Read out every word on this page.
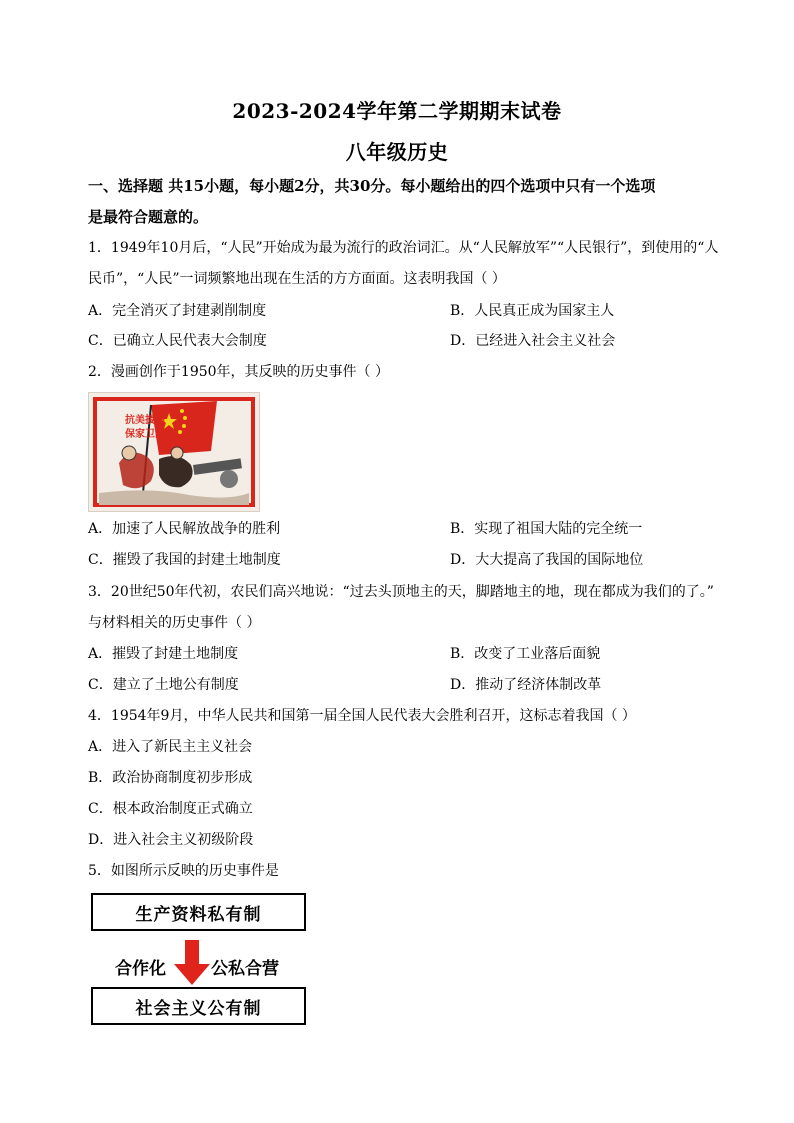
2023-2024学年第二学期期末试卷
八年级历史
一、选择题 共15小题，每小题2分，共30分。每小题给出的四个选项中只有一个选项
是最符合题意的。
1．1949年10月后，“人民”开始成为最为流行的政治词汇。从“人民解放军”“人民银行”，到使用的“人
民币”，“人民”一词频繁地出现在生活的方方面面。这表明我国（ ）
A．完全消灭了封建剥削制度	B．人民真正成为国家主人
C．已确立人民代表大会制度	D．已经进入社会主义社会
2．漫画创作于1950年，其反映的历史事件（ ）
抗美援朝
保家卫国
A．加速了人民解放战争的胜利	B．实现了祖国大陆的完全统一
C．摧毁了我国的封建土地制度	D．大大提高了我国的国际地位
3．20世纪50年代初，农民们高兴地说：“过去头顶地主的天，脚踏地主的地，现在都成为我们的了。”
与材料相关的历史事件（ ）
A．摧毁了封建土地制度	B．改变了工业落后面貌
C．建立了土地公有制度	D．推动了经济体制改革
4．1954年9月，中华人民共和国第一届全国人民代表大会胜利召开，这标志着我国（ ）
A．进入了新民主主义社会
B．政治协商制度初步形成
C．根本政治制度正式确立
D．进入社会主义初级阶段
5．如图所示反映的历史事件是
生产资料私有制
合作化	公私合营
社会主义公有制
